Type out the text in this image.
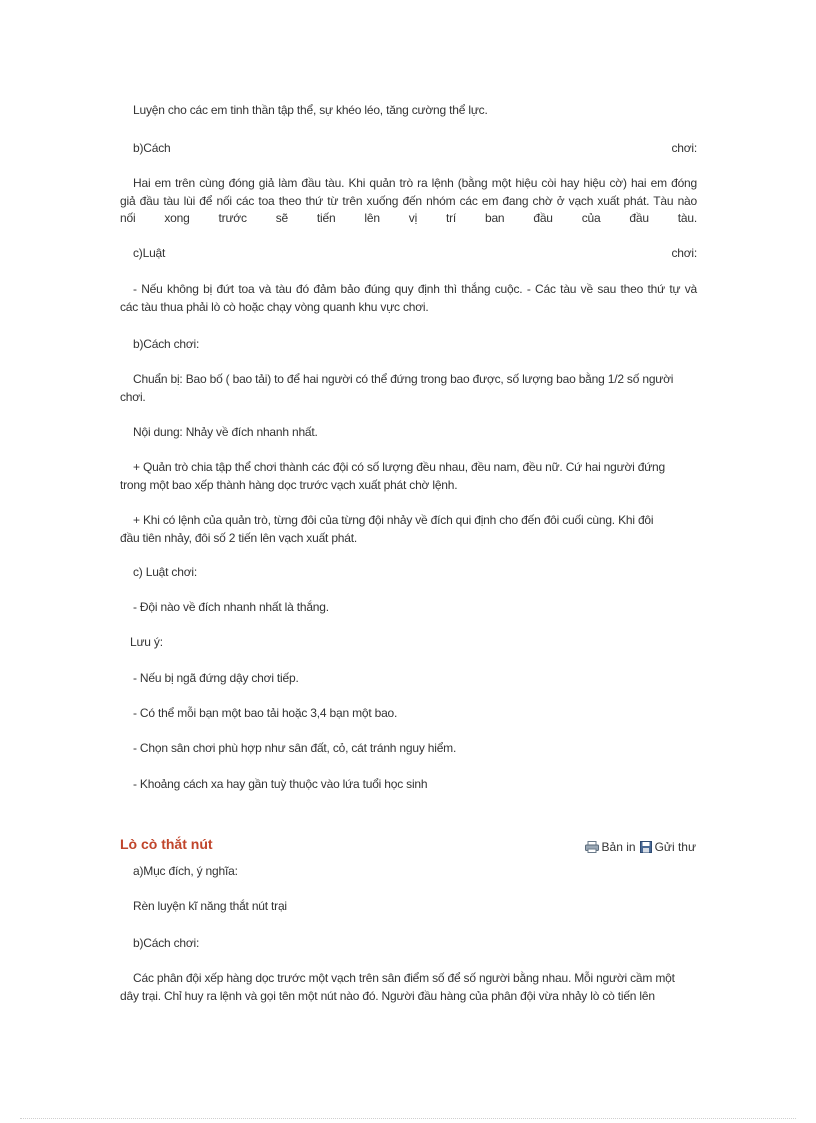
Luyện cho các em tinh thần tập thể, sự khéo léo, tăng cường thể lực.

b)Cách	chơi:
Hai em trên cùng đóng giả làm đầu tàu. Khi quản trò ra lệnh (bằng một hiệu còi hay hiệu cờ) hai em đóng
giả đầu tàu lùi để nối các toa theo thứ từ trên xuống đến nhóm các em đang chờ ở vạch xuất phát. Tàu nào
nối xong trước sẽ tiến lên vị trí ban đầu của đầu tàu.
c)Luật	chơi:
- Nếu không bị đứt toa và tàu đó đảm bảo đúng quy định thì thắng cuộc. - Các tàu về sau theo thứ tự và
các tàu thua phải lò cò hoặc chạy vòng quanh khu vực chơi.

b)Cách chơi:

Chuẩn bị: Bao bố ( bao tải) to để hai người có thể đứng trong bao được, số lượng bao bằng 1/2 số người
chơi.

Nội dung: Nhảy về đích nhanh nhất.

+ Quản trò chia tập thể chơi thành các đội có số lượng đều nhau, đều nam, đều nữ. Cứ hai người đứng
trong một bao xếp thành hàng dọc trước vạch xuất phát chờ lệnh.
+ Khi có lệnh của quản trò, từng đôi của từng đội nhảy về đích qui định cho đến đôi cuối cùng. Khi đôi
đầu tiên nhảy, đôi số 2 tiến lên vạch xuất phát.

c) Luật chơi:

- Đội nào về đích nhanh nhất là thắng.

Lưu ý:

- Nếu bị ngã đứng dậy chơi tiếp.

- Có thể mỗi bạn một bao tải hoặc 3,4 bạn một bao.

- Chọn sân chơi phù hợp như sân đất, cỏ, cát tránh nguy hiểm.

- Khoảng cách xa hay gần tuỳ thuộc vào lứa tuổi học sinh

Lò cò thắt nút	Bản in Gửi thư

a)Mục đích, ý nghĩa:

Rèn luyện kĩ năng thắt nút trại

b)Cách chơi:

Các phân đội xếp hàng dọc trước một vạch trên sân điểm số để số người bằng nhau. Mỗi người cầm một
dây trại. Chỉ huy ra lệnh và gọi tên một nút nào đó. Người đầu hàng của phân đội vừa nhảy lò cò tiến lên
